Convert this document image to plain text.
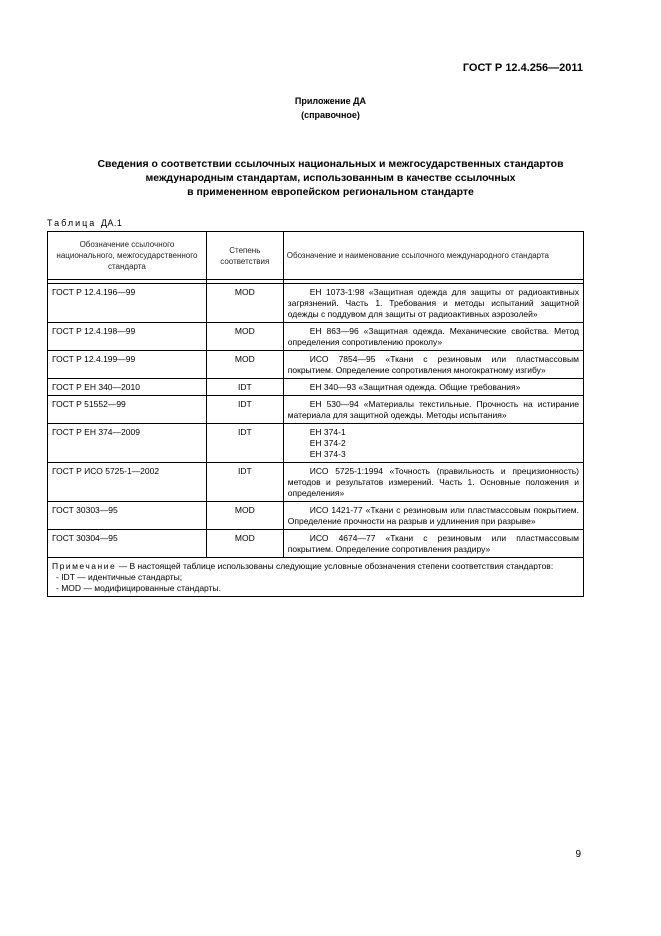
ГОСТ Р 12.4.256—2011
Приложение ДА
(справочное)
Сведения о соответствии ссылочных национальных и межгосударственных стандартов
международным стандартам, использованным в качестве ссылочных
в примененном европейском региональном стандарте
Таблица ДА.1
Обозначение ссылочного национального, межгосударственного стандарта	Степень соответствия	Обозначение и наименование ссылочного международного стандарта

ГОСТ Р 12.4.196—99	MOD	ЕН 1073-1:98 «Защитная одежда для защиты от радиоактивных загрязнений. Часть 1. Требования и методы испытаний защитной одежды с поддувом для защиты от радиоактивных аэрозолей»

ГОСТ Р 12.4.198—99	MOD	ЕН 863—96 «Защитная одежда. Механические свойства. Метод определения сопротивлению проколу»

ГОСТ Р 12.4.199—99	MOD	ИСО 7854—95 «Ткани с резиновым или пластмассовым покрытием. Определение сопротивления многократному изгибу»

ГОСТ Р ЕН 340—2010	IDT	ЕН 340—93 «Защитная одежда. Общие требования»

ГОСТ Р 51552—99	IDT	ЕН 530—94 «Материалы текстильные. Прочность на истирание материала для защитной одежды. Методы испытания»

ГОСТ Р ЕН 374—2009	IDT	ЕН 374-1
ЕН 374-2
ЕН 374-3

ГОСТ Р ИСО 5725-1—2002	IDT	ИСО 5725-1:1994 «Точность (правильность и прецизионность) методов и результатов измерений. Часть 1. Основные положения и определения»

ГОСТ 30303—95	MOD	ИСО 1421-77 «Ткани с резиновым или пластмассовым покрытием. Определение прочности на разрыв и удлинения при разрыве»

ГОСТ 30304—95	MOD	ИСО 4674—77 «Ткани с резиновым или пластмассовым покрытием. Определение сопротивления раздиру»

Примечание — В настоящей таблице использованы следующие условные обозначения степени соответствия стандартов:
- IDT — идентичные стандарты;
- MOD — модифицированные стандарты.		
9
